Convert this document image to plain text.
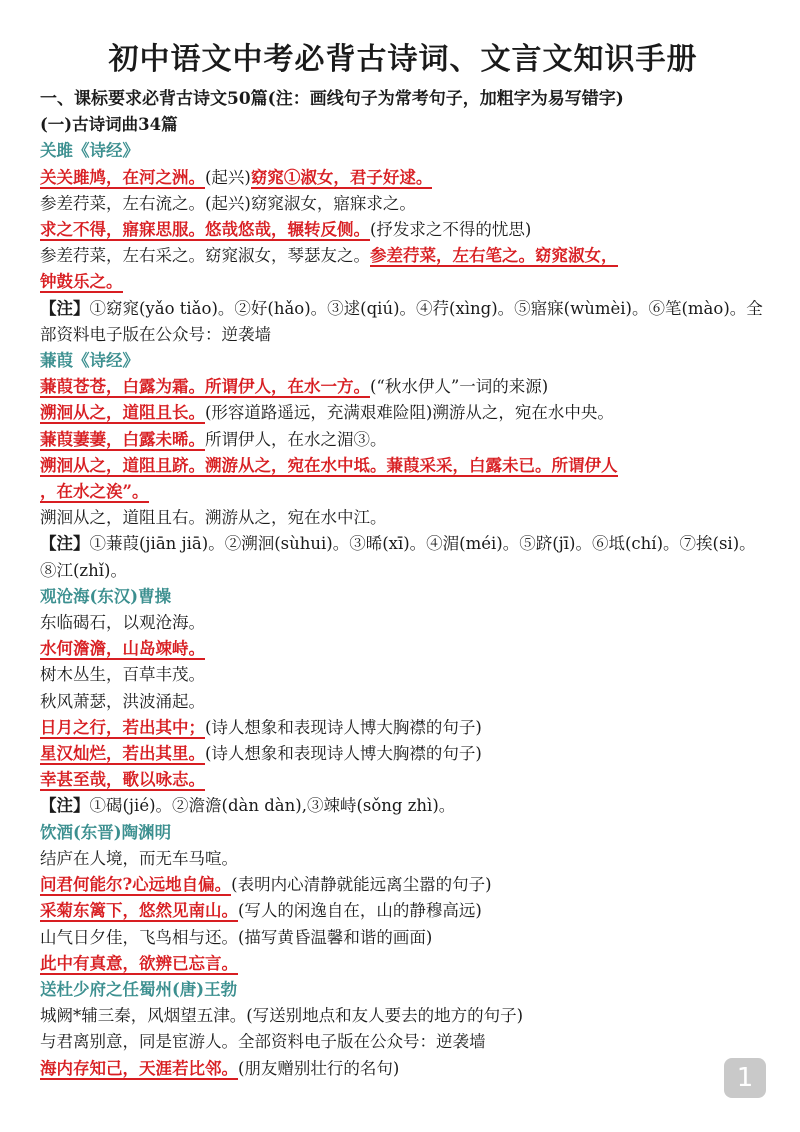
初中语文中考必背古诗词、文言文知识手册
一、课标要求必背古诗文50篇(注：画线句子为常考句子，加粗字为易写错字)
(一)古诗词曲34篇
关雎《诗经》
关关雎鸠，在河之洲。(起兴)窈窕①淑女，君子好逑。
参差荇菜，左右流之。(起兴)窈窕淑女，寤寐求之。
求之不得，寤寐思服。悠哉悠哉，辗转反侧。(抒发求之不得的忧思)
参差荇菜，左右采之。窈窕淑女，琴瑟友之。参差荇菜，左右笔之。窈窕淑女，
钟鼓乐之。
【注】①窈窕(yǎo tiǎo)。②好(hǎo)。③逑(qiú)。④荇(xìng)。⑤寤寐(wùmèi)。⑥笔(mào)。全部资料电子版在公众号：逆袭墙
蒹葭《诗经》
蒹葭苍苍，白露为霜。所谓伊人，在水一方。(“秋水伊人”一词的来源)
溯洄从之，道阻且长。(形容道路遥远，充满艰难险阻)溯游从之，宛在水中央。
蒹葭萋萋，白露未晞。所谓伊人，在水之湄③。
溯洄从之，道阻且跻。溯游从之，宛在水中坻。蒹葭采采，白露未已。所谓伊人
，在水之涘”。
溯洄从之，道阻且右。溯游从之，宛在水中江。
【注】①蒹葭(jiān jiā)。②溯洄(sùhui)。③晞(xī)。④湄(méi)。⑤跻(jī)。⑥坻(chí)。⑦挨(si)。⑧江(zhǐ)。
观沧海(东汉)曹操
东临碣石，以观沧海。
水何澹澹，山岛竦峙。
树木丛生，百草丰茂。
秋风萧瑟，洪波涌起。
日月之行，若出其中；(诗人想象和表现诗人博大胸襟的句子)
星汉灿烂，若出其里。(诗人想象和表现诗人博大胸襟的句子)
幸甚至哉，歌以咏志。
【注】①碣(jié)。②澹澹(dàn dàn),③竦峙(sǒng zhì)。
饮酒(东晋)陶渊明
结庐在人境，而无车马喧。
问君何能尔?心远地自偏。(表明内心清静就能远离尘嚣的句子)
采菊东篱下，悠然见南山。(写人的闲逸自在，山的静穆高远)
山气日夕佳，飞鸟相与还。(描写黄昏温馨和谐的画面)
此中有真意，欲辨已忘言。
送杜少府之任蜀州(唐)王勃
城阙*辅三秦，风烟望五津。(写送别地点和友人要去的地方的句子)
与君离别意，同是宦游人。全部资料电子版在公众号：逆袭墙
海内存知己，天涯若比邻。(朋友赠别壮行的名句)	1
